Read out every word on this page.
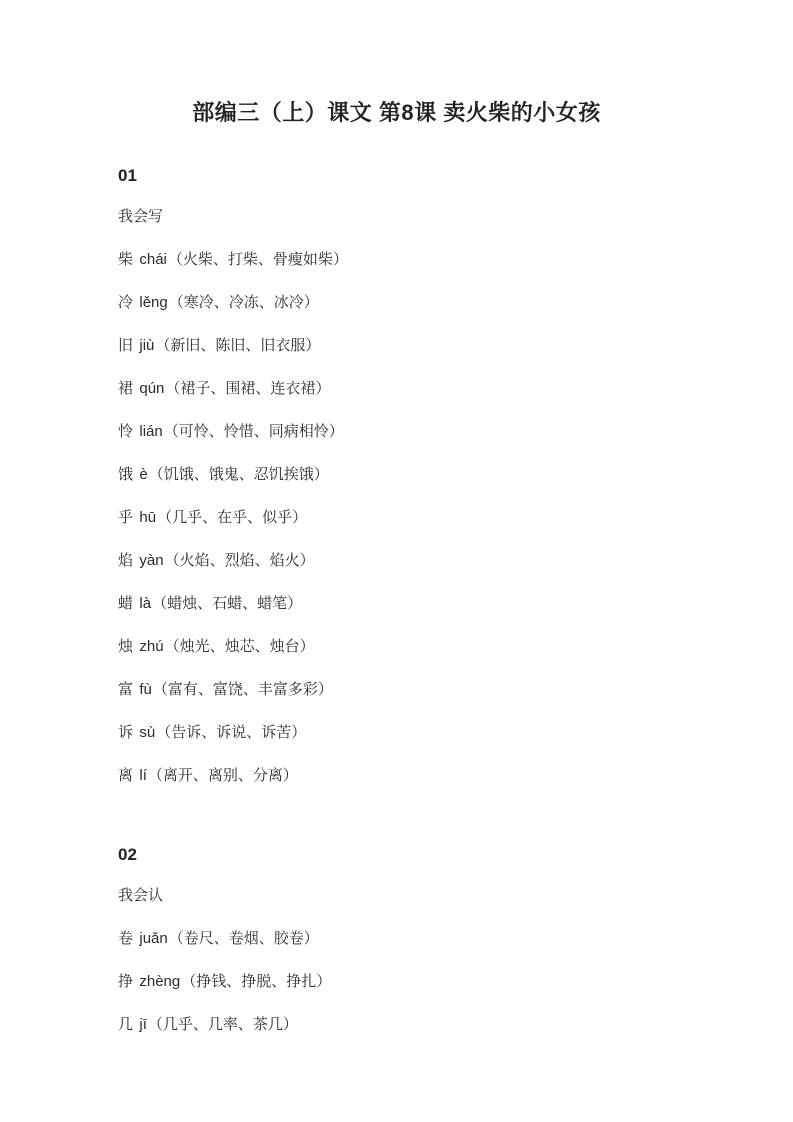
部编三（上）课文 第8课 卖火柴的小女孩
01
我会写
柴 chái（火柴、打柴、骨瘦如柴）
冷 lěng（寒冷、冷冻、冰冷）
旧 jiù（新旧、陈旧、旧衣服）
裙 qún（裙子、围裙、连衣裙）
怜 lián（可怜、怜惜、同病相怜）
饿 è（饥饿、饿鬼、忍饥挨饿）
乎 hū（几乎、在乎、似乎）
焰 yàn（火焰、烈焰、焰火）
蜡 là（蜡烛、石蜡、蜡笔）
烛 zhú（烛光、烛芯、烛台）
富 fù（富有、富饶、丰富多彩）
诉 sù（告诉、诉说、诉苦）
离 lí（离开、离别、分离）
02
我会认
卷 juǎn（卷尺、卷烟、胶卷）
挣 zhèng（挣钱、挣脱、挣扎）
几 jī（几乎、几率、茶几）
